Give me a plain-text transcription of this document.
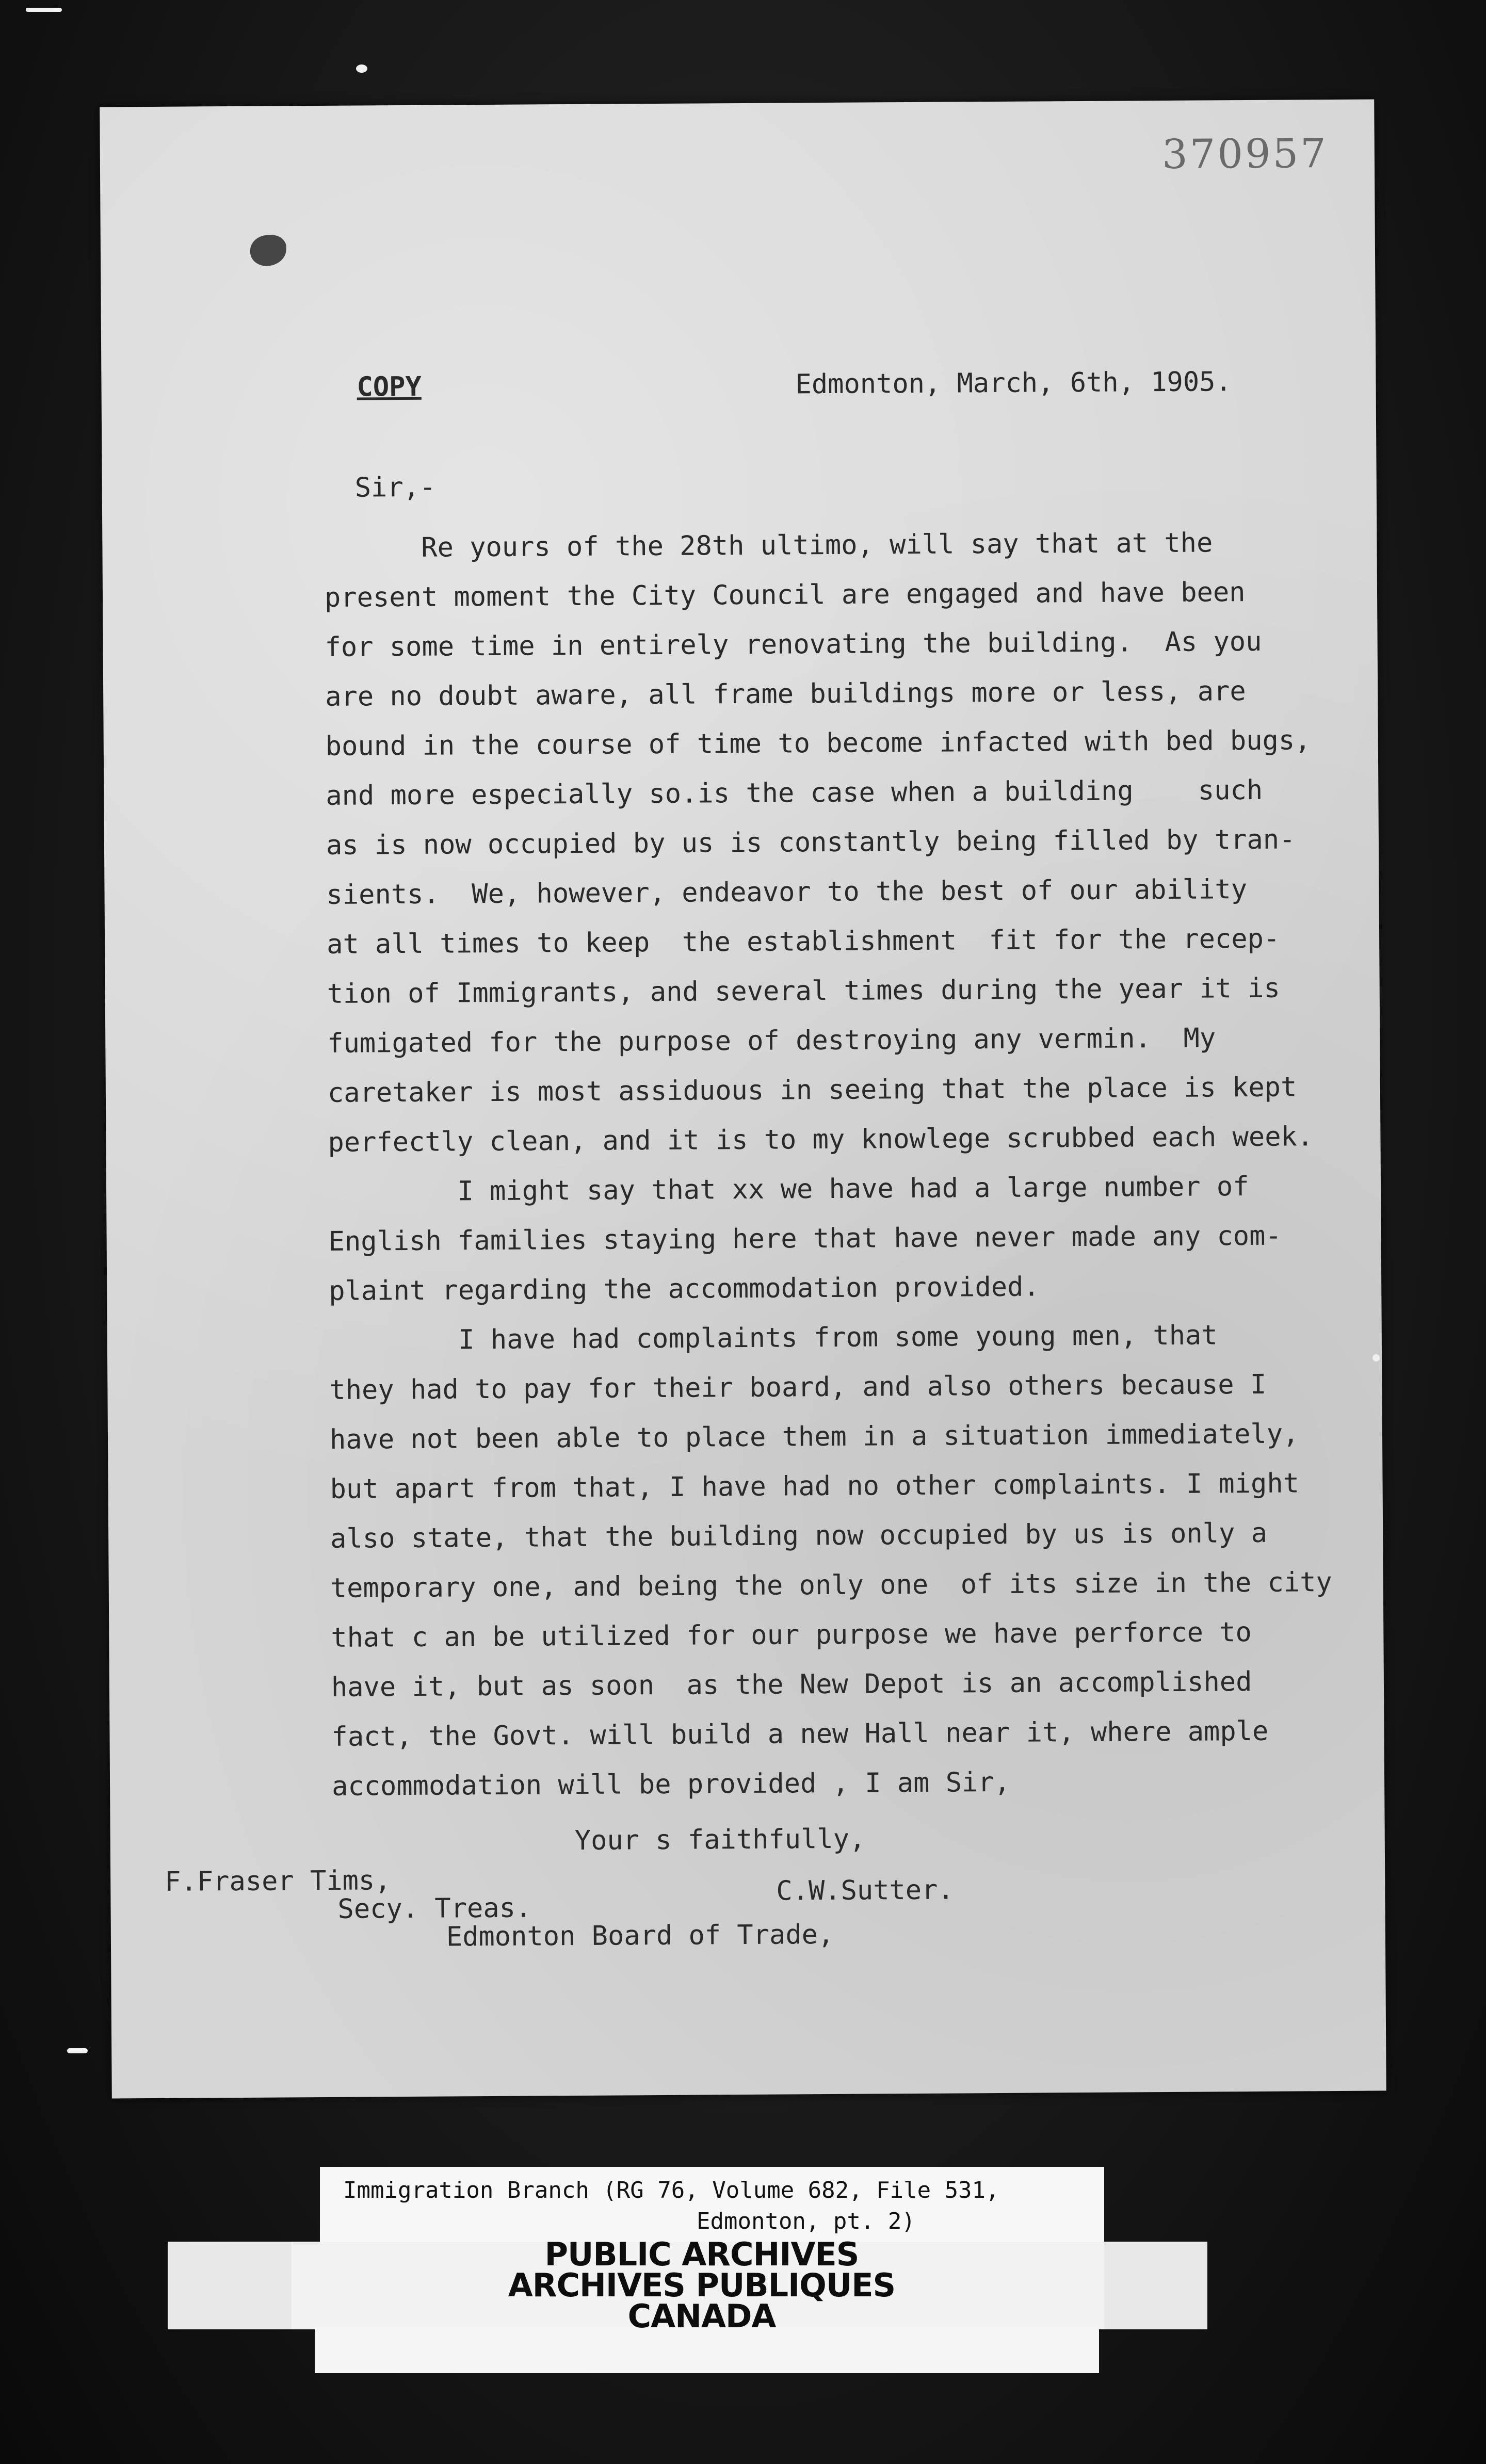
370957
COPY	Edmonton, March, 6th, 1905.
Sir,-
Re yours of the 28th ultimo, will say that at the
present moment the City Council are engaged and have been
for some time in entirely renovating the building.  As you
are no doubt aware, all frame buildings more or less, are
bound in the course of time to become infacted with bed bugs,
and more especially so.is the case when a building    such
as is now occupied by us is constantly being filled by tran-
sients.  We, however, endeavor to the best of our ability
at all times to keep  the establishment  fit for the recep-
tion of Immigrants, and several times during the year it is
fumigated for the purpose of destroying any vermin.  My
caretaker is most assiduous in seeing that the place is kept
perfectly clean, and it is to my knowlege scrubbed each week.
I might say that xx we have had a large number of
English families staying here that have never made any com-
plaint regarding the accommodation provided.
I have had complaints from some young men, that
they had to pay for their board, and also others because I
have not been able to place them in a situation immediately,
but apart from that, I have had no other complaints. I might
also state, that the building now occupied by us is only a
temporary one, and being the only one  of its size in the city
that c an be utilized for our purpose we have perforce to
have it, but as soon  as the New Depot is an accomplished
fact, the Govt. will build a new Hall near it, where ample
accommodation will be provided , I am Sir,
Your s faithfully,
C.W.Sutter.
F.Fraser Tims,
Secy. Treas.
Edmonton Board of Trade,
Immigration Branch (RG 76, Volume 682, File 531,
Edmonton, pt. 2)
PUBLIC ARCHIVES
ARCHIVES PUBLIQUES
CANADA
